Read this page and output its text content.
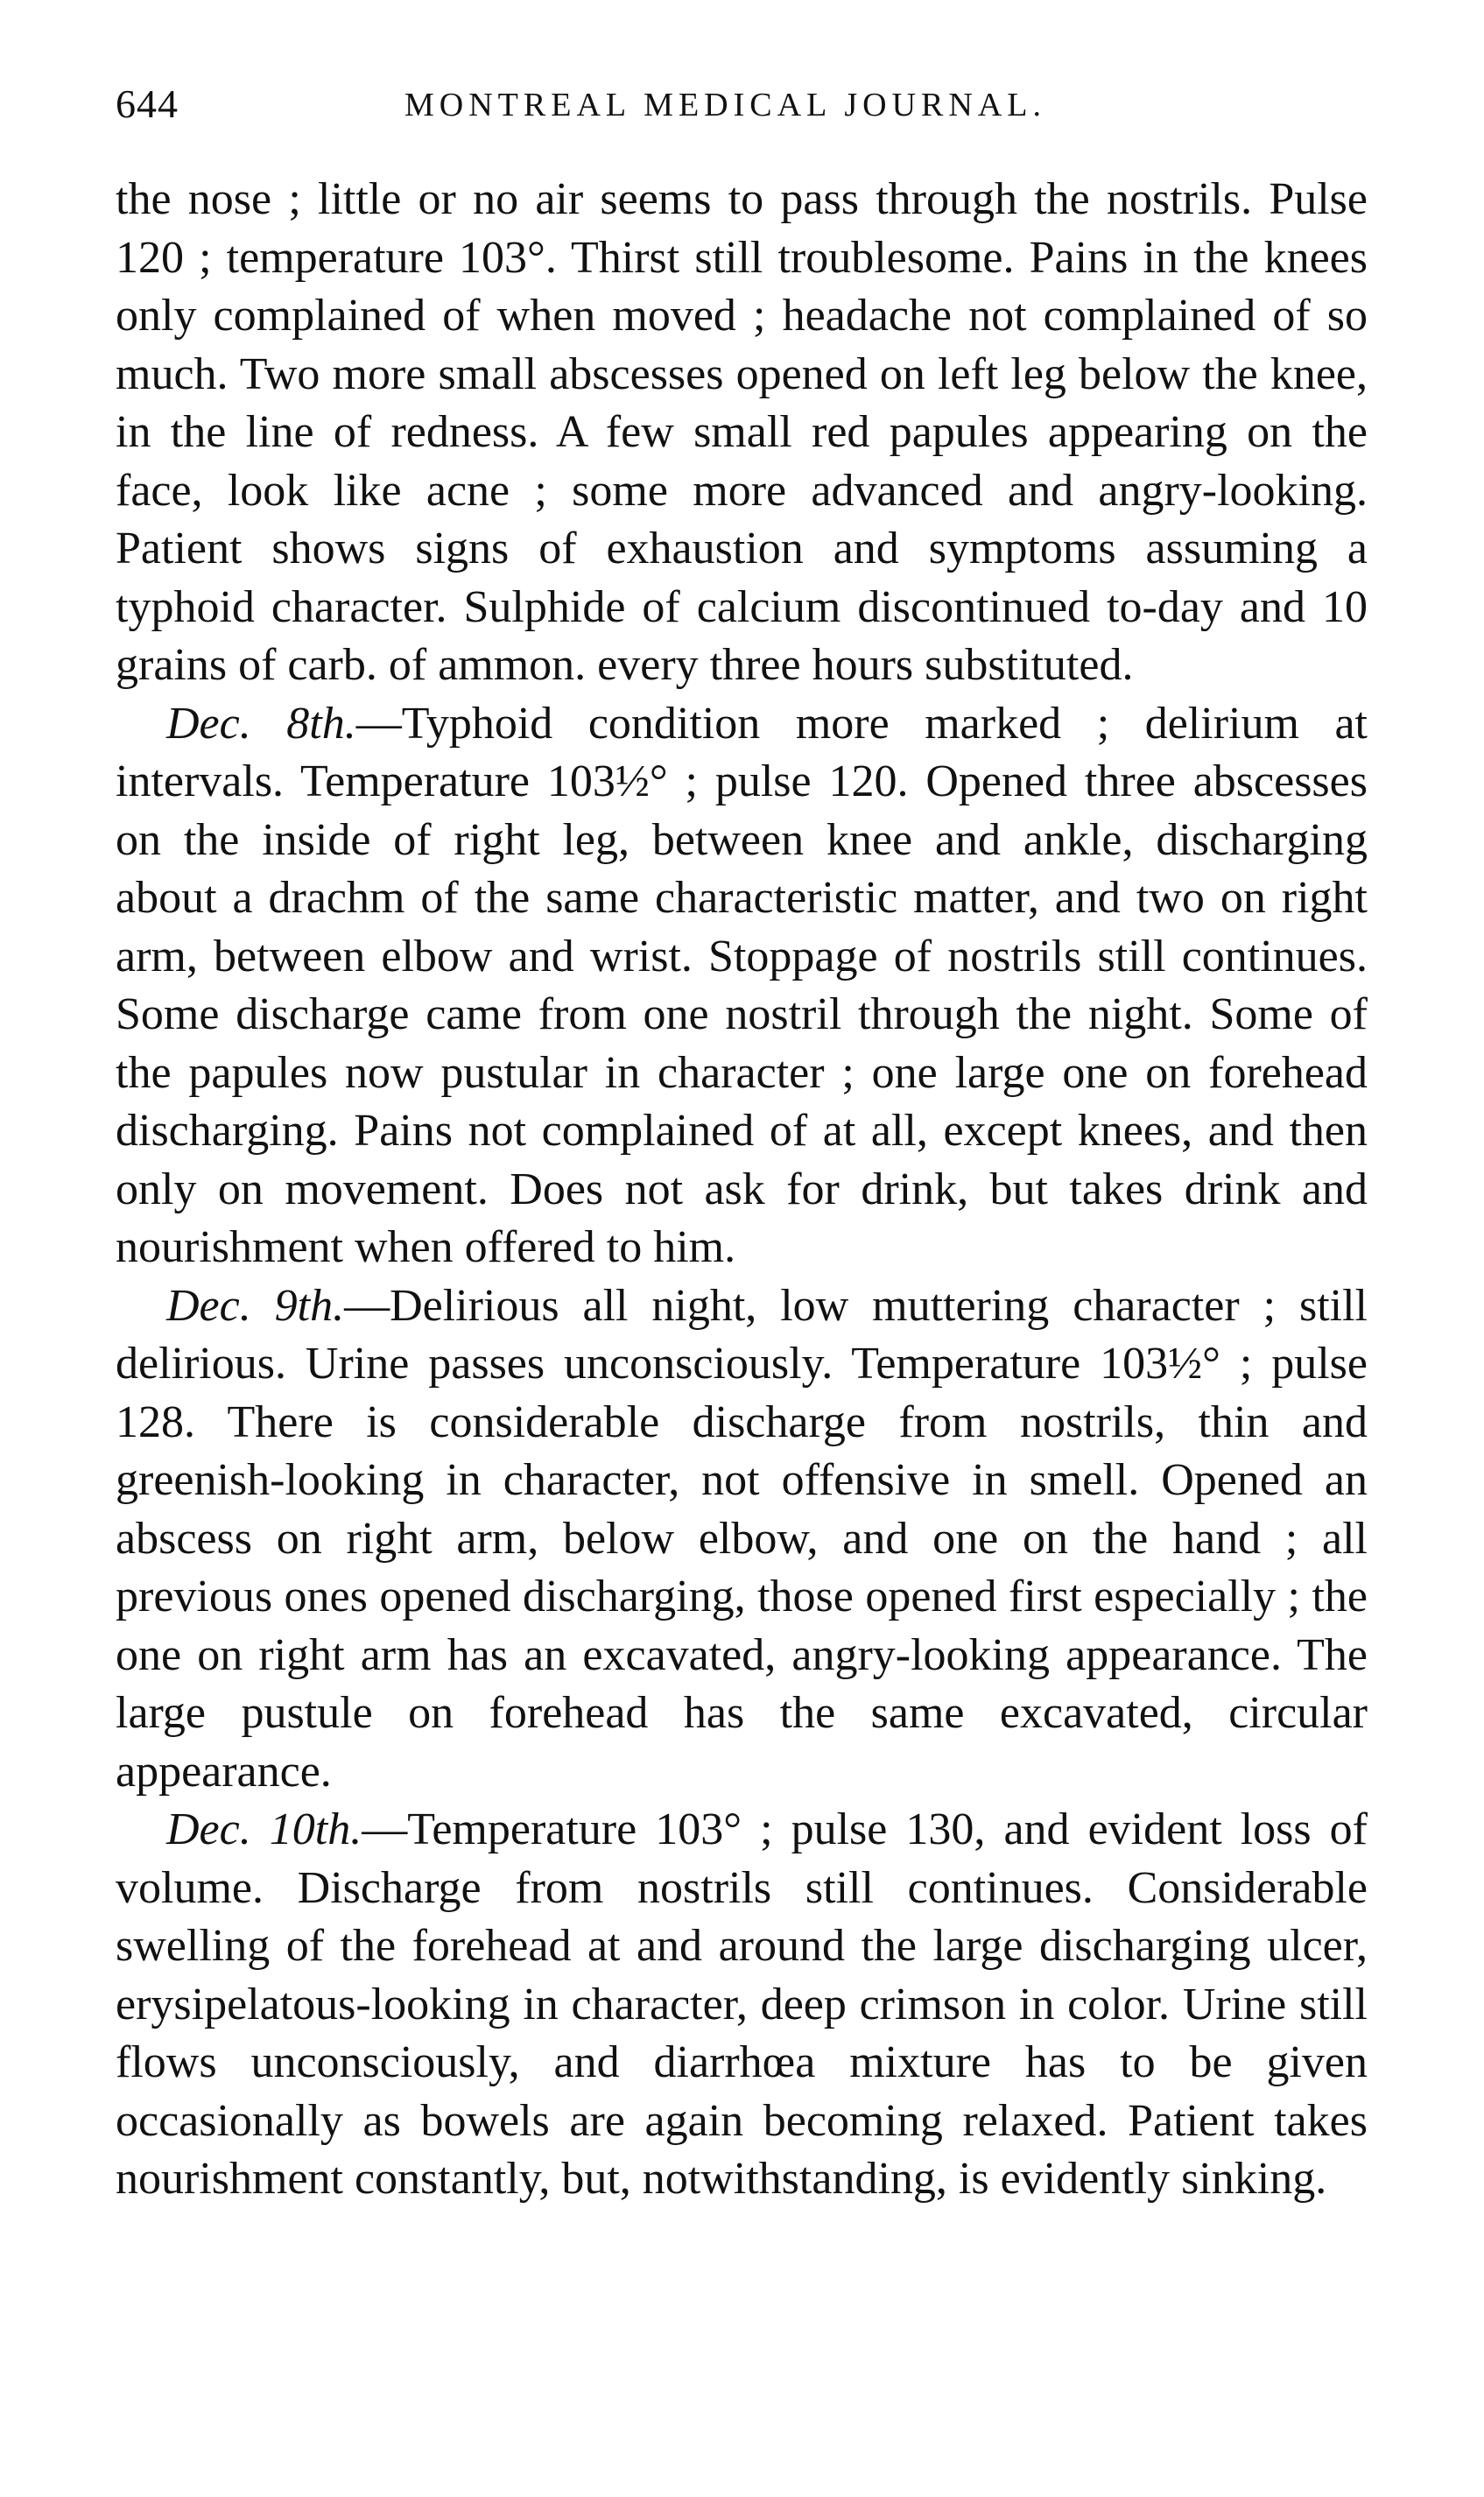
644	MONTREAL MEDICAL JOURNAL.

the nose ; little or no air seems to pass through the nostrils. Pulse 120 ; temperature 103°. Thirst still troublesome. Pains in the knees only complained of when moved ; headache not complained of so much. Two more small abscesses opened on left leg below the knee, in the line of redness. A few small red papules appearing on the face, look like acne ; some more advanced and angry-looking. Patient shows signs of exhaustion and symptoms assuming a typhoid character. Sulphide of calcium discontinued to-day and 10 grains of carb. of ammon. every three hours substituted.

Dec. 8th.—Typhoid condition more marked ; delirium at intervals. Temperature 103½° ; pulse 120. Opened three abscesses on the inside of right leg, between knee and ankle, discharging about a drachm of the same characteristic matter, and two on right arm, between elbow and wrist. Stoppage of nostrils still continues. Some discharge came from one nostril through the night. Some of the papules now pustular in character ; one large one on forehead discharging. Pains not complained of at all, except knees, and then only on movement. Does not ask for drink, but takes drink and nourishment when offered to him.

Dec. 9th.—Delirious all night, low muttering character ; still delirious. Urine passes unconsciously. Temperature 103½° ; pulse 128. There is considerable discharge from nostrils, thin and greenish-looking in character, not offensive in smell. Opened an abscess on right arm, below elbow, and one on the hand ; all previous ones opened discharging, those opened first especially ; the one on right arm has an excavated, angry-looking appearance. The large pustule on forehead has the same excavated, circular appearance.

Dec. 10th.—Temperature 103° ; pulse 130, and evident loss of volume. Discharge from nostrils still continues. Considerable swelling of the forehead at and around the large discharging ulcer, erysipelatous-looking in character, deep crimson in color. Urine still flows unconsciously, and diarrhœa mixture has to be given occasionally as bowels are again becoming relaxed. Patient takes nourishment constantly, but, notwithstanding, is evidently sinking.
